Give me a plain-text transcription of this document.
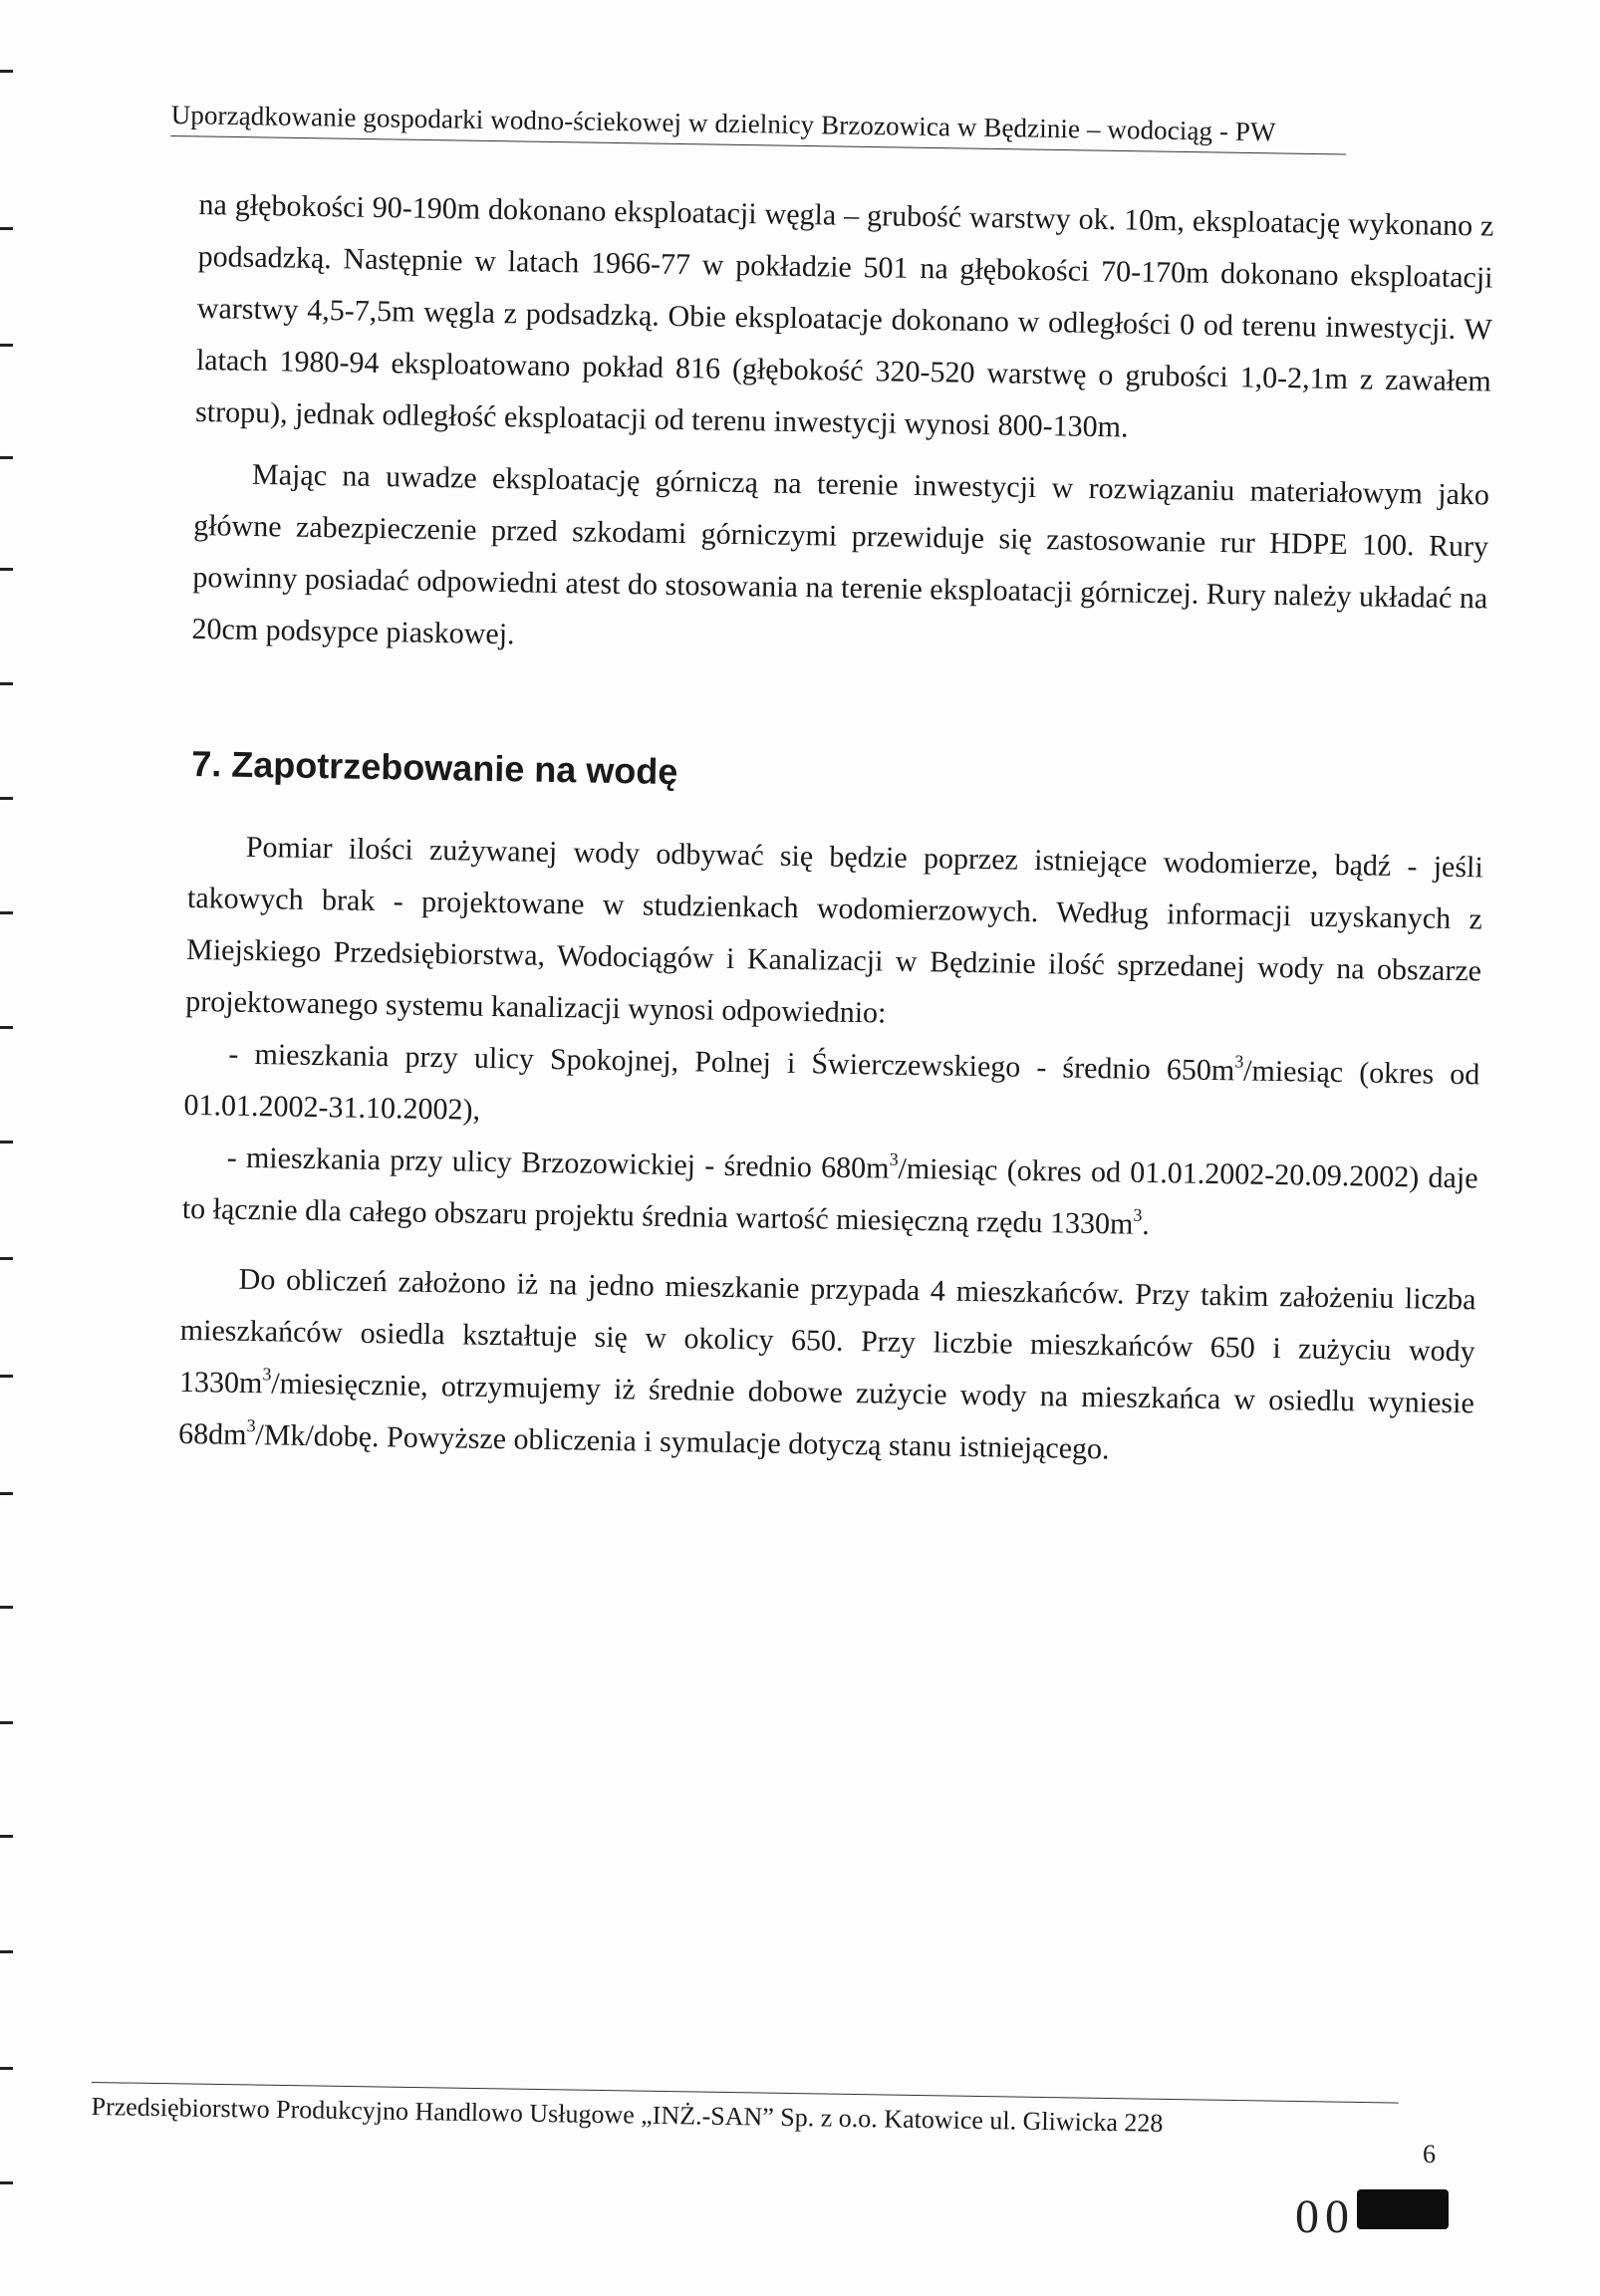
Uporządkowanie gospodarki wodno-ściekowej w dzielnicy Brzozowica w Będzinie – wodociąg - PW

na głębokości 90-190m dokonano eksploatacji węgla – grubość warstwy ok. 10m, eksploatację wykonano z podsadzką. Następnie w latach 1966-77 w pokładzie 501 na głębokości 70-170m dokonano eksploatacji warstwy 4,5-7,5m węgla z podsadzką. Obie eksploatacje dokonano w odległości 0 od terenu inwestycji. W latach 1980-94 eksploatowano pokład 816 (głębokość 320-520 warstwę o grubości 1,0-2,1m z zawałem stropu), jednak odległość eksploatacji od terenu inwestycji wynosi 800-130m.

Mając na uwadze eksploatację górniczą na terenie inwestycji w rozwiązaniu materiałowym jako główne zabezpieczenie przed szkodami górniczymi przewiduje się zastosowanie rur HDPE 100. Rury powinny posiadać odpowiedni atest do stosowania na terenie eksploatacji górniczej. Rury należy układać na 20cm podsypce piaskowej.

7. Zapotrzebowanie na wodę

Pomiar ilości zużywanej wody odbywać się będzie poprzez istniejące wodomierze, bądź - jeśli takowych brak - projektowane w studzienkach wodomierzowych. Według informacji uzyskanych z Miejskiego Przedsiębiorstwa, Wodociągów i Kanalizacji w Będzinie ilość sprzedanej wody na obszarze projektowanego systemu kanalizacji wynosi odpowiednio:

- mieszkania przy ulicy Spokojnej, Polnej i Świerczewskiego - średnio $650m^3$/miesiąc (okres od 01.01.2002-31.10.2002),

- mieszkania przy ulicy Brzozowickiej - średnio $680m^3$/miesiąc (okres od 01.01.2002-20.09.2002) daje to łącznie dla całego obszaru projektu średnia wartość miesięczną rzędu $1330m^3$.

Do obliczeń założono iż na jedno mieszkanie przypada 4 mieszkańców. Przy takim założeniu liczba mieszkańców osiedla kształtuje się w okolicy 650. Przy liczbie mieszkańców 650 i zużyciu wody $1330m^3$/miesięcznie, otrzymujemy iż średnie dobowe zużycie wody na mieszkańca w osiedlu wyniesie $68dm^3/Mk$/dobę. Powyższe obliczenia i symulacje dotyczą stanu istniejącego.

Przedsiębiorstwo Produkcyjno Handlowo Usługowe „INŻ.-SAN” Sp. z o.o. Katowice ul. Gliwicka 228
6
00
